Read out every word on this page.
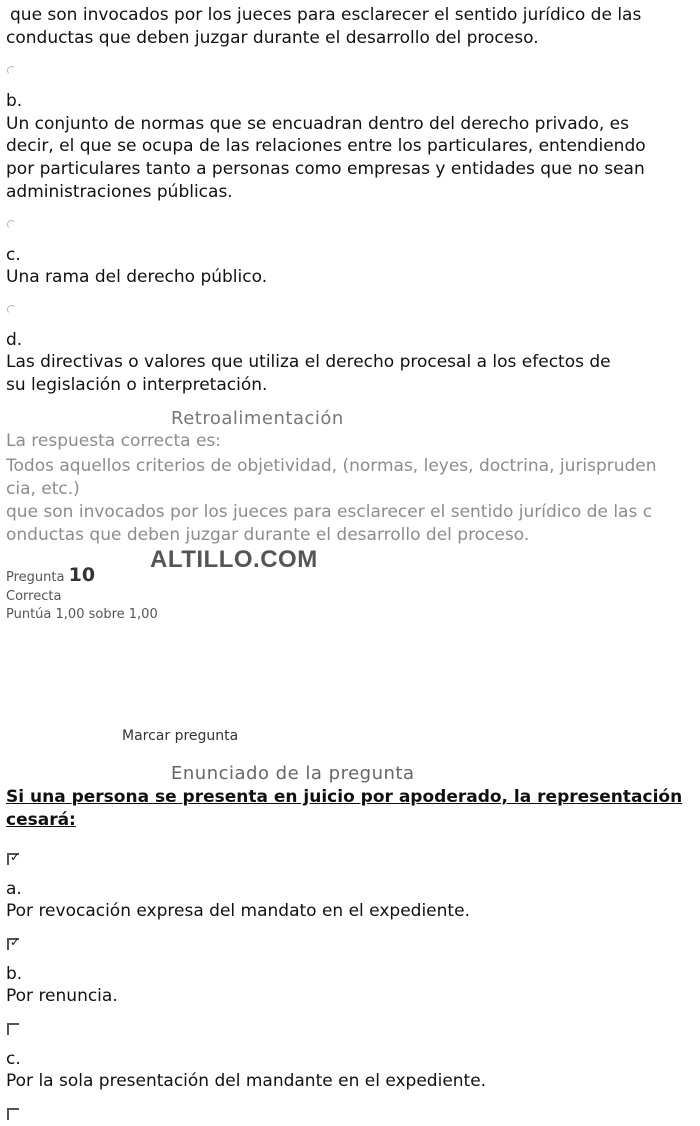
que son invocados por los jueces para esclarecer el sentido jurídico de las
conductas que deben juzgar durante el desarrollo del proceso.
b.
Un conjunto de normas que se encuadran dentro del derecho privado, es
decir, el que se ocupa de las relaciones entre los particulares, entendiendo
por particulares tanto a personas como empresas y entidades que no sean
administraciones públicas.
c.
Una rama del derecho público.
d.
Las directivas o valores que utiliza el derecho procesal a los efectos de
su legislación o interpretación.
Retroalimentación
La respuesta correcta es:
Todos aquellos criterios de objetividad, (normas, leyes, doctrina, jurispruden
cia, etc.)
que son invocados por los jueces para esclarecer el sentido jurídico de las c
onductas que deben juzgar durante el desarrollo del proceso.
ALTILLO.COM
Pregunta 10
Correcta
Puntúa 1,00 sobre 1,00
Marcar pregunta
Enunciado de la pregunta
Si una persona se presenta en juicio por apoderado, la representación
cesará:
✓
a.
Por revocación expresa del mandato en el expediente.
✓
b.
Por renuncia.
c.
Por la sola presentación del mandante en el expediente.
